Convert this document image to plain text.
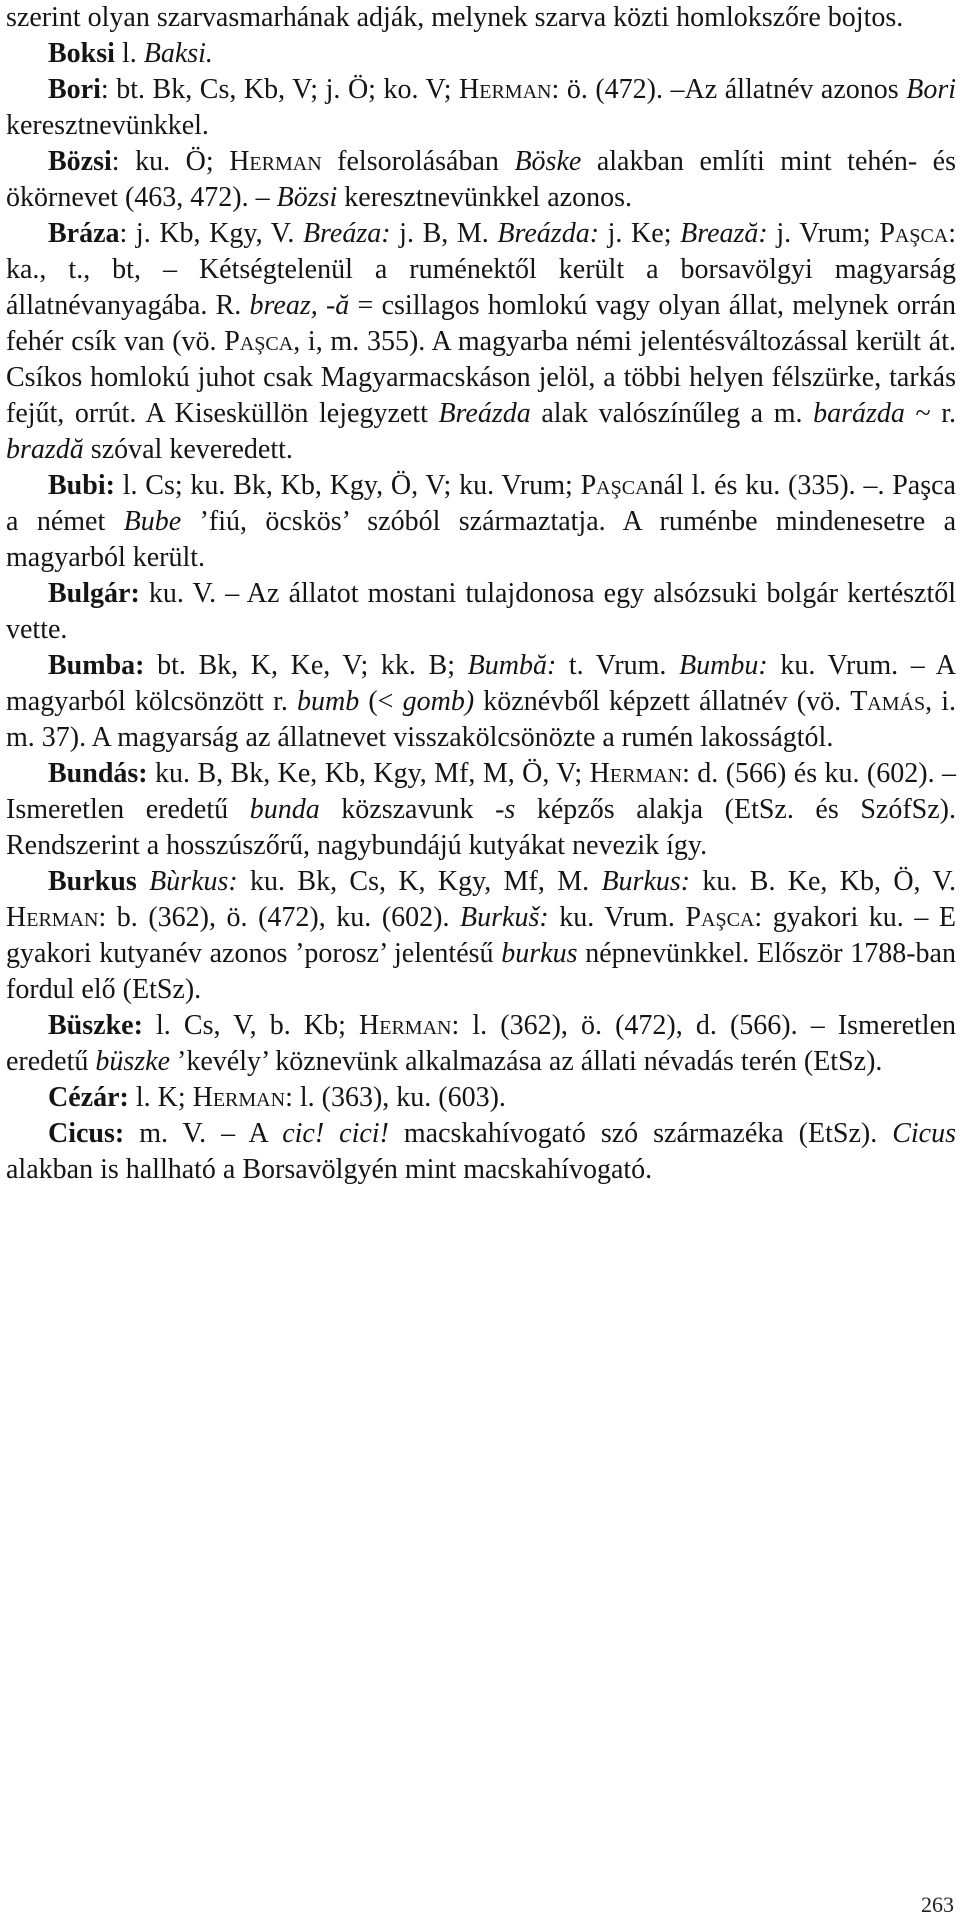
szerint olyan szarvasmarhának adják, melynek szarva közti homlokszőre bojtos.

Boksi l. Baksi.

Bori: bt. Bk, Cs, Kb, V; j. Ö; ko. V; Herman: ö. (472). –Az állatnév azonos Bori keresztnevünkkel.

Bözsi: ku. Ö; Herman felsorolásában Böske alakban említi mint tehén- és ökörnevet (463, 472). – Bözsi keresztnevünkkel azonos.

Bráza: j. Kb, Kgy, V. Breáza: j. B, M. Breázda: j. Ke; Brează: j. Vrum; Paşca: ka., t., bt, – Kétségtelenül a ruménektől került a borsavölgyi magyarság állatnévanyagába. R. breaz, -ă = csillagos homlokú vagy olyan állat, melynek orrán fehér csík van (vö. Paşca, i, m. 355). A magyarba némi jelentésváltozással került át. Csíkos homlokú juhot csak Magyarmacskáson jelöl, a többi helyen félszürke, tarkás fejűt, orrút. A Kisesküllön lejegyzett Breázda alak valószínűleg a m. barázda ~ r. brazdă szóval keveredett.

Bubi: l. Cs; ku. Bk, Kb, Kgy, Ö, V; ku. Vrum; Paşcanál l. és ku. (335). –. Paşca a német Bube ’fiú, öcskös’ szóból származtatja. A ruménbe mindenesetre a magyarból került.

Bulgár: ku. V. – Az állatot mostani tulajdonosa egy alsózsuki bolgár kertésztől vette.

Bumba: bt. Bk, K, Ke, V; kk. B; Bumbă: t. Vrum. Bumbu: ku. Vrum. – A magyarból kölcsönzött r. bumb (< gomb) köznévből képzett állatnév (vö. Tamás, i. m. 37). A magyarság az állatnevet visszakölcsönözte a rumén lakosságtól.

Bundás: ku. B, Bk, Ke, Kb, Kgy, Mf, M, Ö, V; Herman: d. (566) és ku. (602). – Ismeretlen eredetű bunda közszavunk -s képzős alakja (EtSz. és SzófSz). Rendszerint a hosszúszőrű, nagybundájú kutyákat nevezik így.

Burkus Bùrkus: ku. Bk, Cs, K, Kgy, Mf, M. Burkus: ku. B. Ke, Kb, Ö, V. Herman: b. (362), ö. (472), ku. (602). Burkuš: ku. Vrum. Paşca: gyakori ku. – E gyakori kutyanév azonos ’porosz’ jelentésű burkus népnevünkkel. Először 1788-ban fordul elő (EtSz).

Büszke: l. Cs, V, b. Kb; Herman: l. (362), ö. (472), d. (566). – Ismeretlen eredetű büszke ’kevély’ köznevünk alkalmazása az állati névadás terén (EtSz).

Cézár: l. K; Herman: l. (363), ku. (603).

Cicus: m. V. – A cic! cici! macskahívogató szó származéka (EtSz). Cicus alakban is hallható a Borsavölgyén mint macskahívogató.

263
